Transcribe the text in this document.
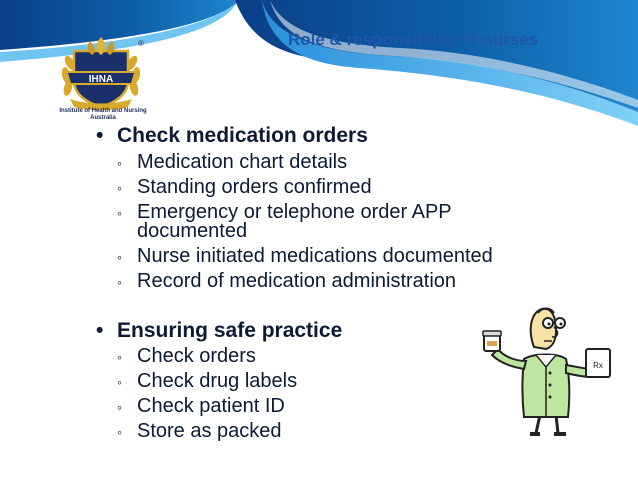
Role & responsibility of nurses
IHNA
®
Institute of Health and Nursing
Australia
• Check medication orders
◦ Medication chart details
◦ Standing orders confirmed
◦ Emergency or telephone order APP
documented
◦ Nurse initiated medications documented
◦ Record of medication administration
• Ensuring safe practice
◦ Check orders
◦ Check drug labels
◦ Check patient ID
◦ Store as packed
Rx
